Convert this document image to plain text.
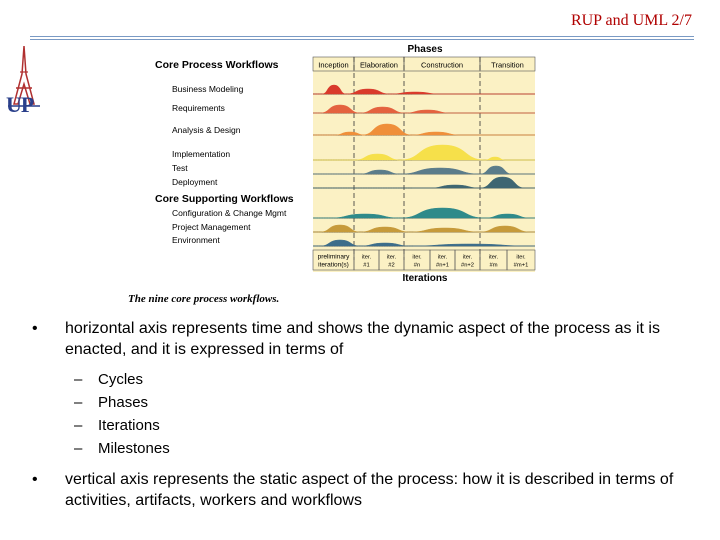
RUP and UML 2/7
UP
Phases
Core Process Workflows	Inception Elaboration	Construction	Transition
Business Modeling
Requirements
Analysis & Design
Implementation
Test
Deployment
Configuration & Change Mgmt
Project Management
Environment
Core Supporting Workflows
preliminary
iteration(s)
iter.
#1
iter.
#2
iter.
#n
iter.
#n+1
iter.
#n+2
iter.
#m
iter.
#m+1
Iterations
The nine core process workflows.
• horizontal axis represents time and shows the dynamic aspect of the process as it is enacted, and it is expressed in terms of
– Cycles
– Phases
– Iterations
– Milestones
• vertical axis represents the static aspect of the process: how it is described in terms of activities, artifacts, workers and workflows
